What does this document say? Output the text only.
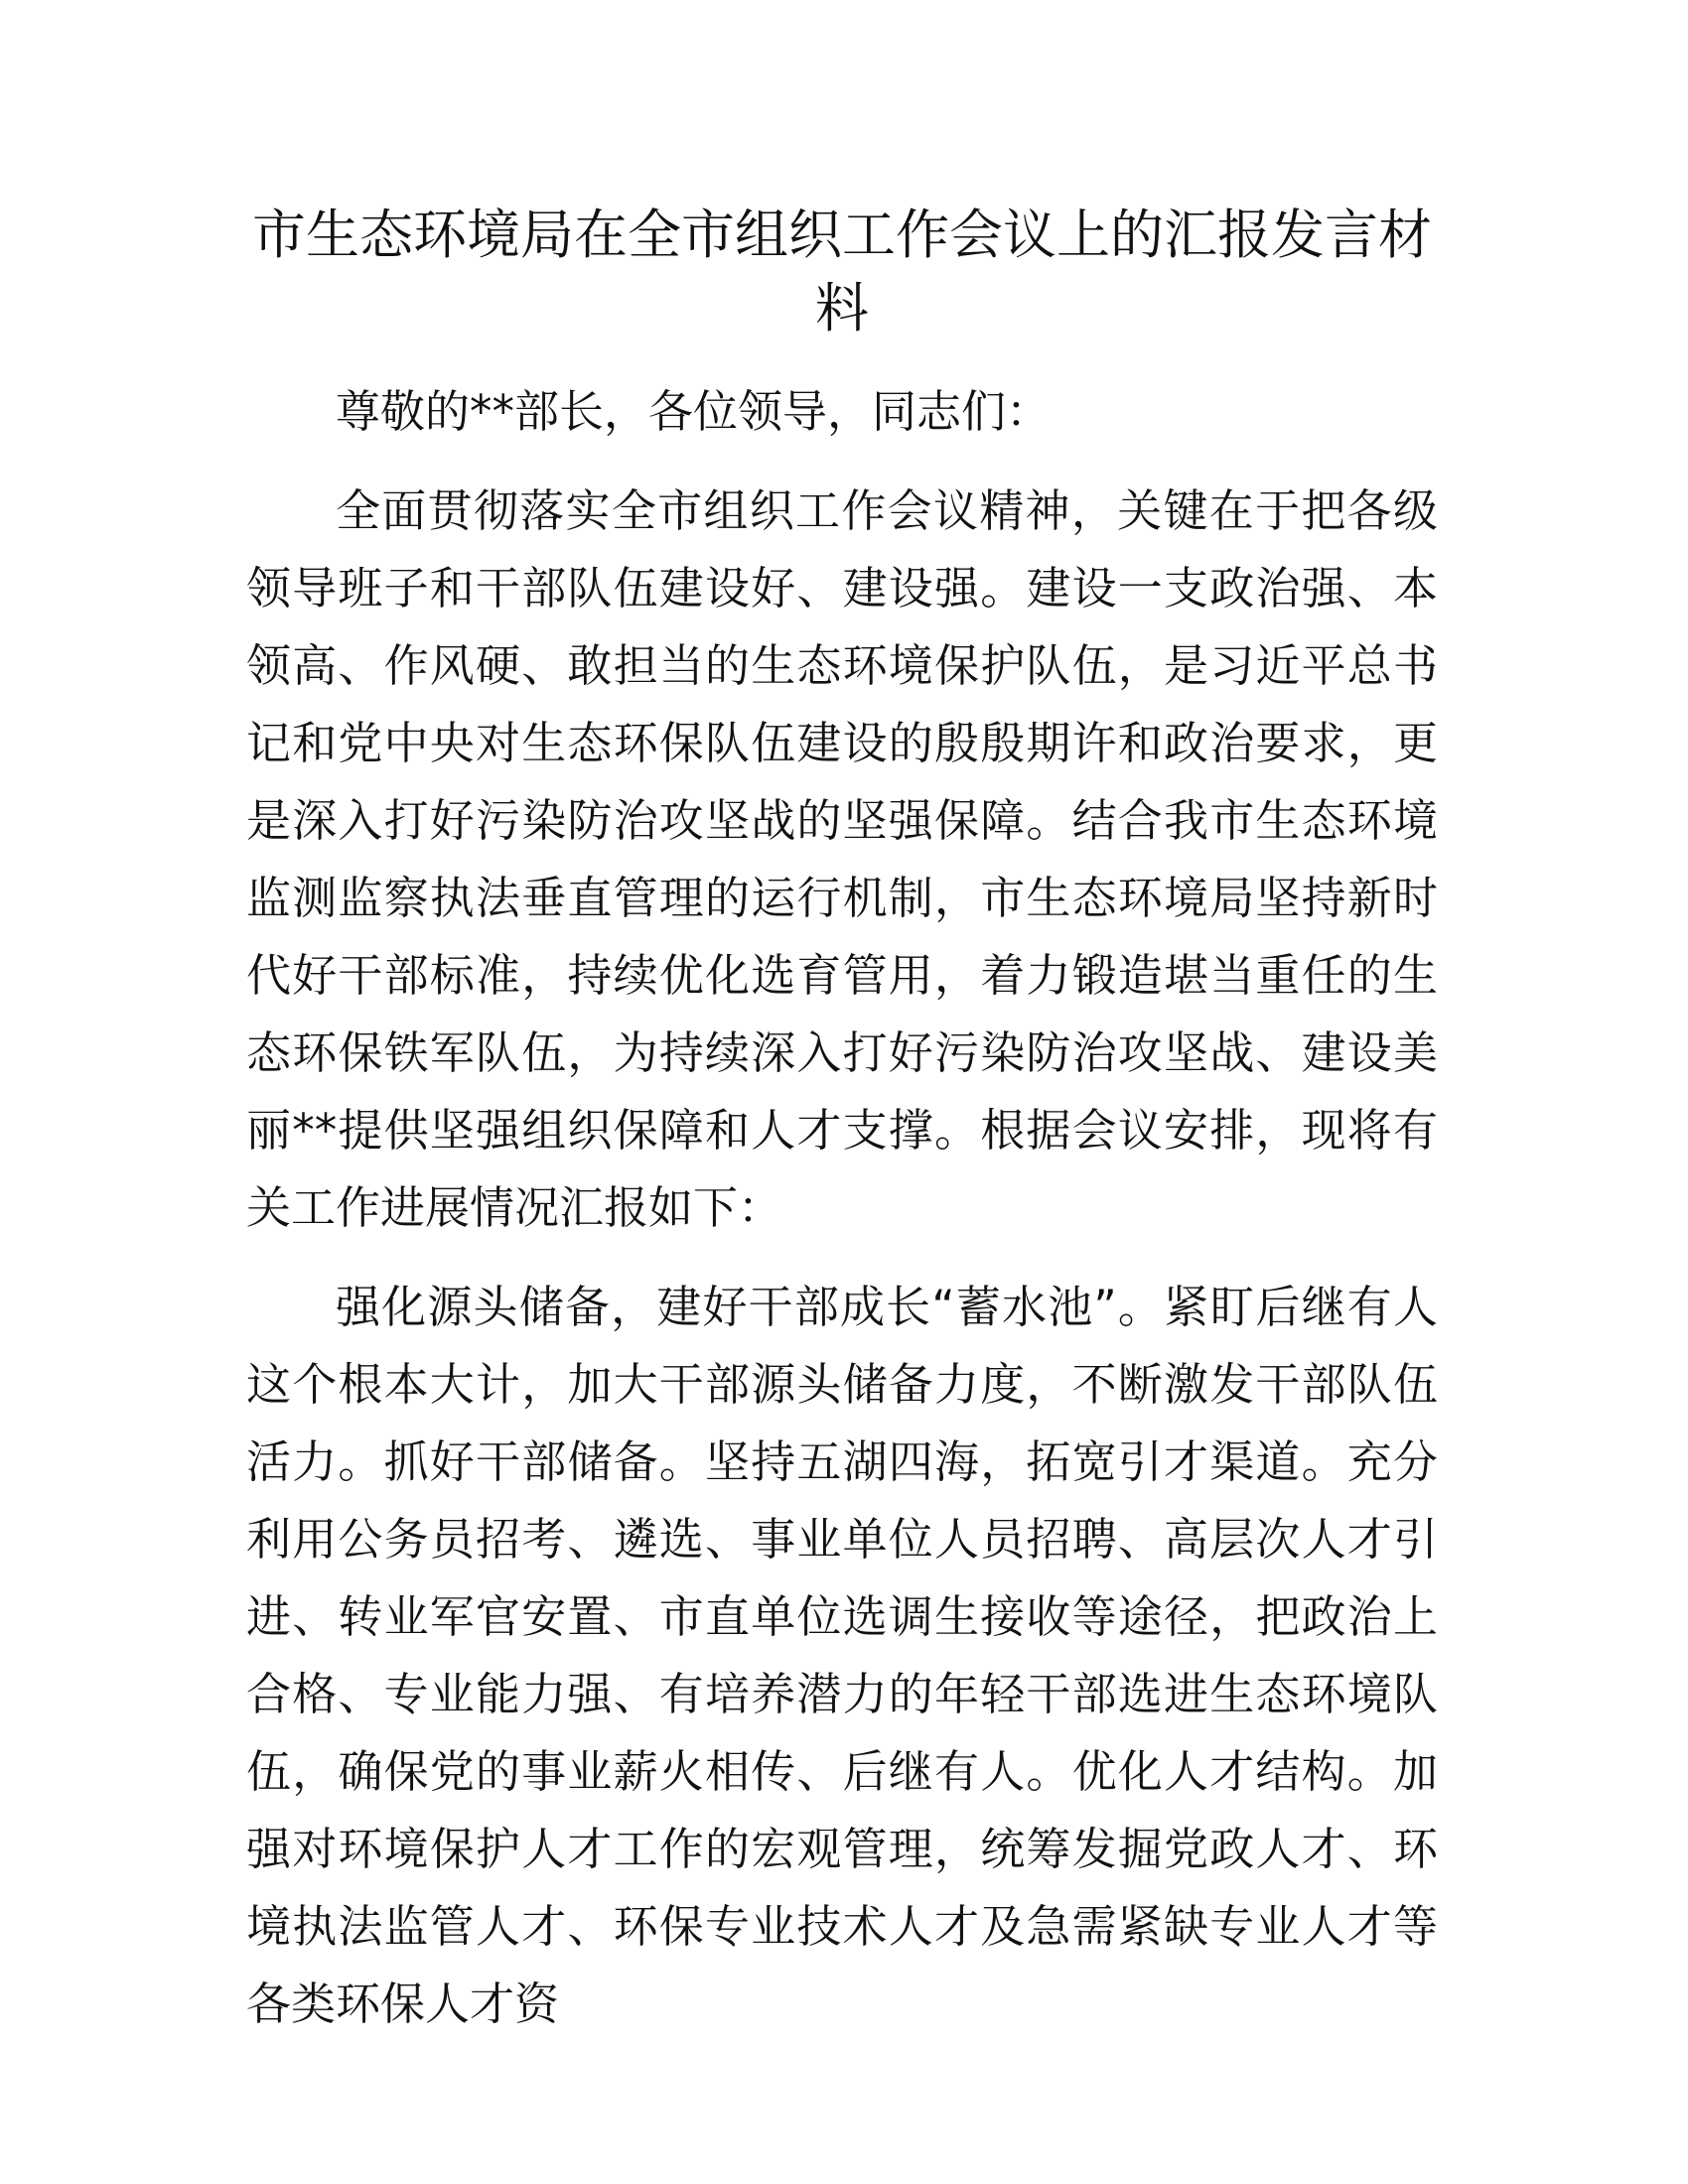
市生态环境局在全市组织工作会议上的汇报发言材料

尊敬的**部长，各位领导，同志们：

全面贯彻落实全市组织工作会议精神，关键在于把各级领导班子和干部队伍建设好、建设强。建设一支政治强、本领高、作风硬、敢担当的生态环境保护队伍，是习近平总书记和党中央对生态环保队伍建设的殷殷期许和政治要求，更是深入打好污染防治攻坚战的坚强保障。结合我市生态环境监测监察执法垂直管理的运行机制，市生态环境局坚持新时代好干部标准，持续优化选育管用，着力锻造堪当重任的生态环保铁军队伍，为持续深入打好污染防治攻坚战、建设美丽**提供坚强组织保障和人才支撑。根据会议安排，现将有关工作进展情况汇报如下：

强化源头储备，建好干部成长“蓄水池”。紧盯后继有人这个根本大计，加大干部源头储备力度，不断激发干部队伍活力。抓好干部储备。坚持五湖四海，拓宽引才渠道。充分利用公务员招考、遴选、事业单位人员招聘、高层次人才引进、转业军官安置、市直单位选调生接收等途径，把政治上合格、专业能力强、有培养潜力的年轻干部选进生态环境队伍，确保党的事业薪火相传、后继有人。优化人才结构。加强对环境保护人才工作的宏观管理，统筹发掘党政人才、环境执法监管人才、环保专业技术人才及急需紧缺专业人才等各类环保人才资
